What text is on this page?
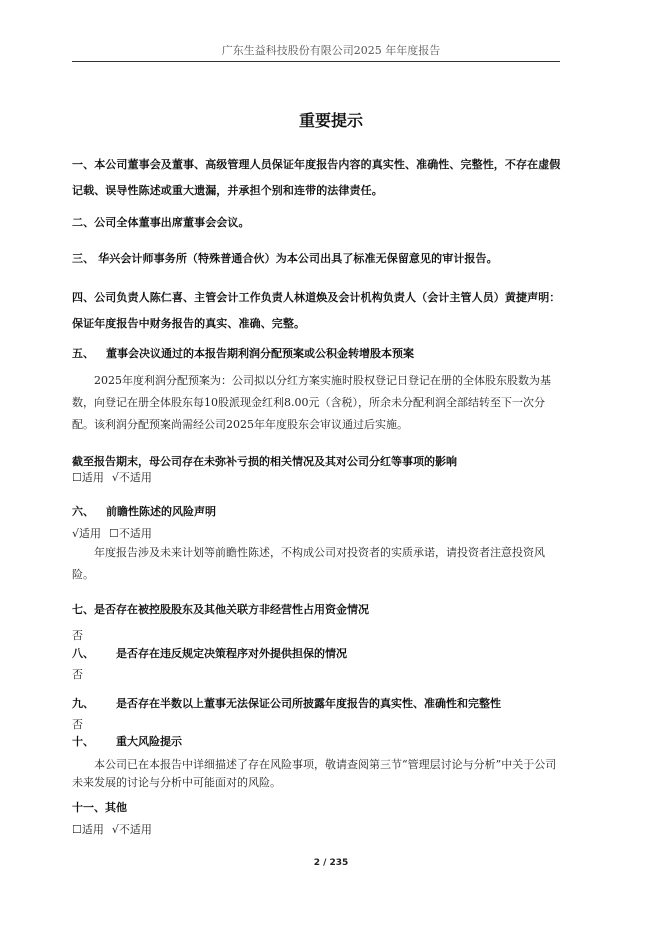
广东生益科技股份有限公司2025 年年度报告
重要提示
一、本公司董事会及董事、高级管理人员保证年度报告内容的真实性、准确性、完整性，不存在虚假记载、误导性陈述或重大遗漏，并承担个别和连带的法律责任。
二、公司全体董事出席董事会会议。
三、 华兴会计师事务所（特殊普通合伙）为本公司出具了标准无保留意见的审计报告。
四、公司负责人陈仁喜、主管会计工作负责人林道焕及会计机构负责人（会计主管人员）黄捷声明：保证年度报告中财务报告的真实、准确、完整。
五、 董事会决议通过的本报告期利润分配预案或公积金转增股本预案
2025年度利润分配预案为：公司拟以分红方案实施时股权登记日登记在册的全体股东股数为基数，向登记在册全体股东每10股派现金红利8.00元（含税），所余未分配利润全部结转至下一次分配。该利润分配预案尚需经公司2025年年度股东会审议通过后实施。
截至报告期末，母公司存在未弥补亏损的相关情况及其对公司分红等事项的影响
☐适用 √不适用
六、 前瞻性陈述的风险声明
√适用 ☐不适用
年度报告涉及未来计划等前瞻性陈述，不构成公司对投资者的实质承诺，请投资者注意投资风险。
七、是否存在被控股股东及其他关联方非经营性占用资金情况
否
八、 是否存在违反规定决策程序对外提供担保的情况
否
九、 是否存在半数以上董事无法保证公司所披露年度报告的真实性、准确性和完整性
否
十、 重大风险提示
本公司已在本报告中详细描述了存在风险事项，敬请查阅第三节“管理层讨论与分析”中关于公司未来发展的讨论与分析中可能面对的风险。
十一、其他
☐适用 √不适用
2 / 235
